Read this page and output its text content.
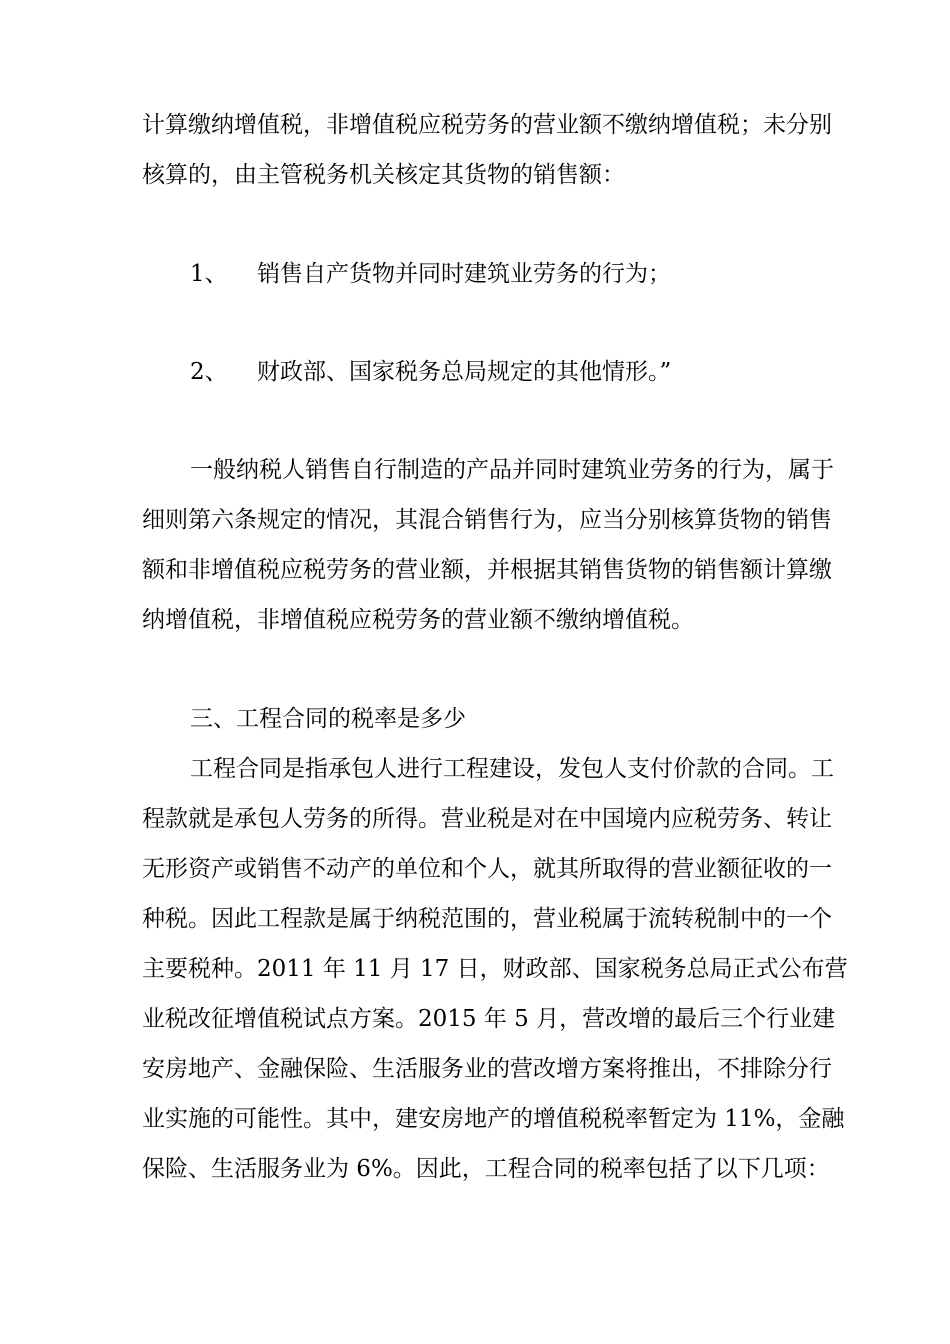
计算缴纳增值税，非增值税应税劳务的营业额不缴纳增值税；未分别

核算的，由主管税务机关核定其货物的销售额：

1、 销售自产货物并同时建筑业劳务的行为；
2、 财政部、国家税务总局规定的其他情形。”

一般纳税人销售自行制造的产品并同时建筑业劳务的行为，属于

细则第六条规定的情况，其混合销售行为，应当分别核算货物的销售

额和非增值税应税劳务的营业额，并根据其销售货物的销售额计算缴

纳增值税，非增值税应税劳务的营业额不缴纳增值税。

三、工程合同的税率是多少

工程合同是指承包人进行工程建设，发包人支付价款的合同。工

程款就是承包人劳务的所得。营业税是对在中国境内应税劳务、转让

无形资产或销售不动产的单位和个人，就其所取得的营业额征收的一

种税。因此工程款是属于纳税范围的，营业税属于流转税制中的一个

主要税种。2011 年 11 月 17 日，财政部、国家税务总局正式公布营

业税改征增值税试点方案。2015 年 5 月，营改增的最后三个行业建

安房地产、金融保险、生活服务业的营改增方案将推出，不排除分行

业实施的可能性。其中，建安房地产的增值税税率暂定为 11%，金融

保险、生活服务业为 6%。因此，工程合同的税率包括了以下几项：
